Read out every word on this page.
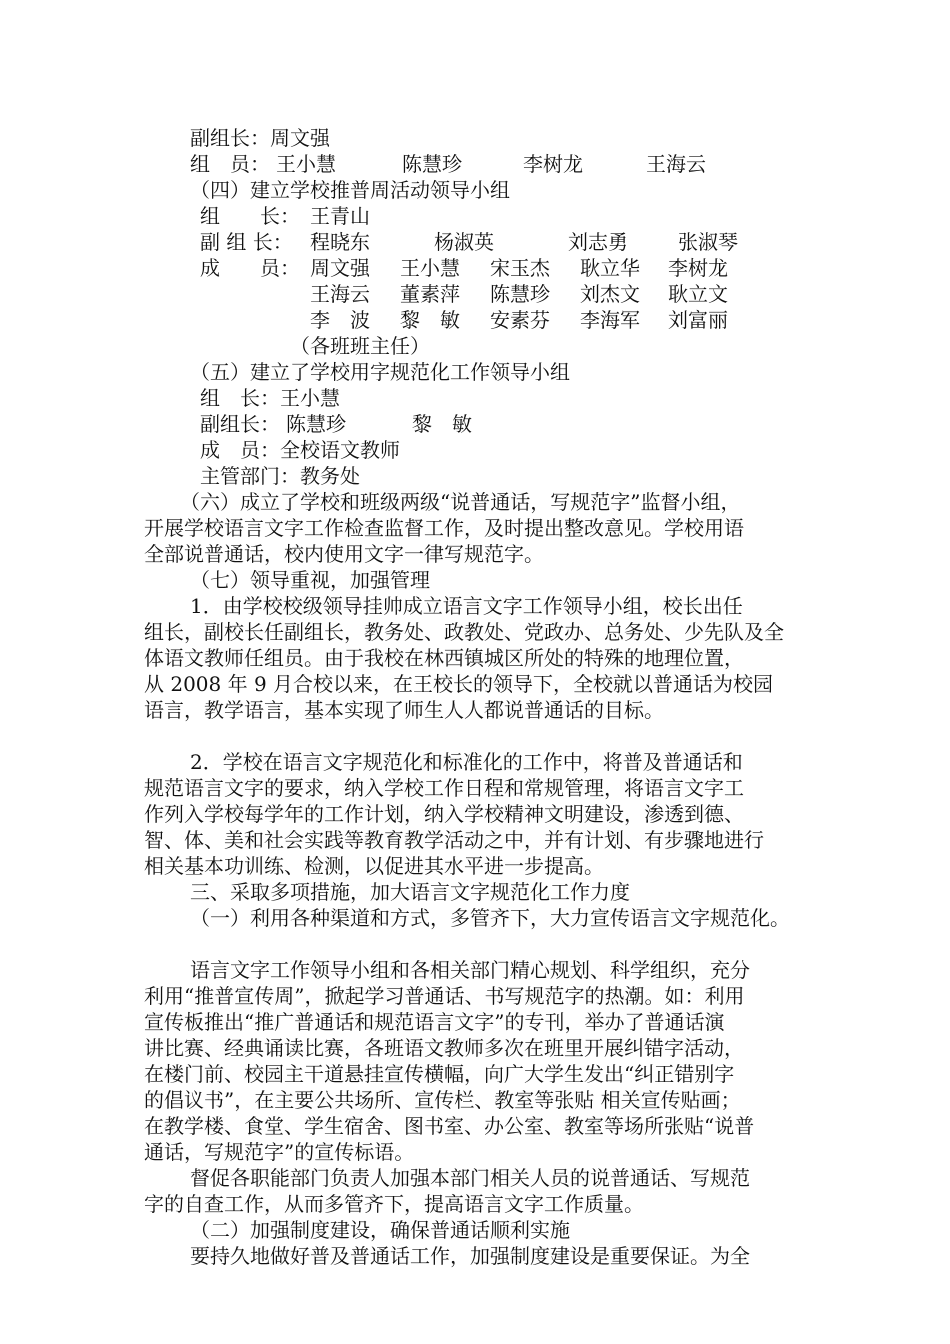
副组长：周文强
组　员： 王小慧	陈慧珍	李树龙	王海云
（四）建立学校推普周活动领导小组
组　　长： 王青山
副 组 长： 程晓东	杨淑英	刘志勇	张淑琴
成　　员： 周文强 王小慧 宋玉杰 耿立华 李树龙
王海云 董素萍 陈慧珍 刘杰文 耿立文
李　波 黎　敏 安素芬 李海军 刘富丽
（各班班主任）
（五）建立了学校用字规范化工作领导小组
组　长：王小慧
副组长： 陈慧珍	黎　敏
成　员：全校语文教师
主管部门：教务处
（六）成立了学校和班级两级“说普通话，写规范字”监督小组，
开展学校语言文字工作检查监督工作，及时提出整改意见。学校用语
全部说普通话，校内使用文字一律写规范字。
（七）领导重视，加强管理
1．由学校校级领导挂帅成立语言文字工作领导小组，校长出任
组长，副校长任副组长，教务处、政教处、党政办、总务处、少先队及全
体语文教师任组员。由于我校在林西镇城区所处的特殊的地理位置，
从 2008 年 9 月合校以来，在王校长的领导下，全校就以普通话为校园
语言，教学语言，基本实现了师生人人都说普通话的目标。
2．学校在语言文字规范化和标准化的工作中，将普及普通话和
规范语言文字的要求，纳入学校工作日程和常规管理，将语言文字工
作列入学校每学年的工作计划，纳入学校精神文明建设，渗透到德、
智、体、美和社会实践等教育教学活动之中，并有计划、有步骤地进行
相关基本功训练、检测，以促进其水平进一步提高。
三、采取多项措施，加大语言文字规范化工作力度
（一）利用各种渠道和方式，多管齐下，大力宣传语言文字规范化。
语言文字工作领导小组和各相关部门精心规划、科学组织，充分
利用“推普宣传周”，掀起学习普通话、书写规范字的热潮。如：利用
宣传板推出“推广普通话和规范语言文字”的专刊，举办了普通话演
讲比赛、经典诵读比赛，各班语文教师多次在班里开展纠错字活动，
在楼门前、校园主干道悬挂宣传横幅，向广大学生发出“纠正错别字
的倡议书”，在主要公共场所、宣传栏、教室等张贴 相关宣传贴画；
在教学楼、食堂、学生宿舍、图书室、办公室、教室等场所张贴“说普
通话，写规范字”的宣传标语。
督促各职能部门负责人加强本部门相关人员的说普通话、写规范
字的自查工作，从而多管齐下，提高语言文字工作质量。
（二）加强制度建设，确保普通话顺利实施
要持久地做好普及普通话工作，加强制度建设是重要保证。为全
